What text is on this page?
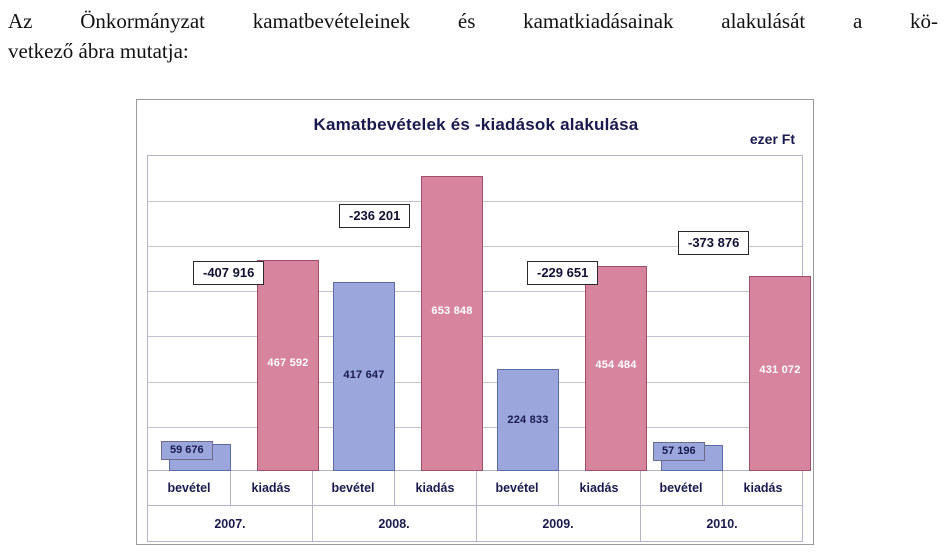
Az Önkormányzat kamatbevételeinek és kamatkiadásainak alakulását a kö-
vetkező ábra mutatja:
Kamatbevételek és -kiadások alakulása
ezer Ft
467 592
417 647
653 848
224 833
454 484	431 072
59 676	57 196
-407 916
-236 201
-229 651
-373 876
bevétel	kiadás	bevétel	kiadás	bevétel	kiadás	bevétel	kiadás
2007.	2008.	2009.	2010.
